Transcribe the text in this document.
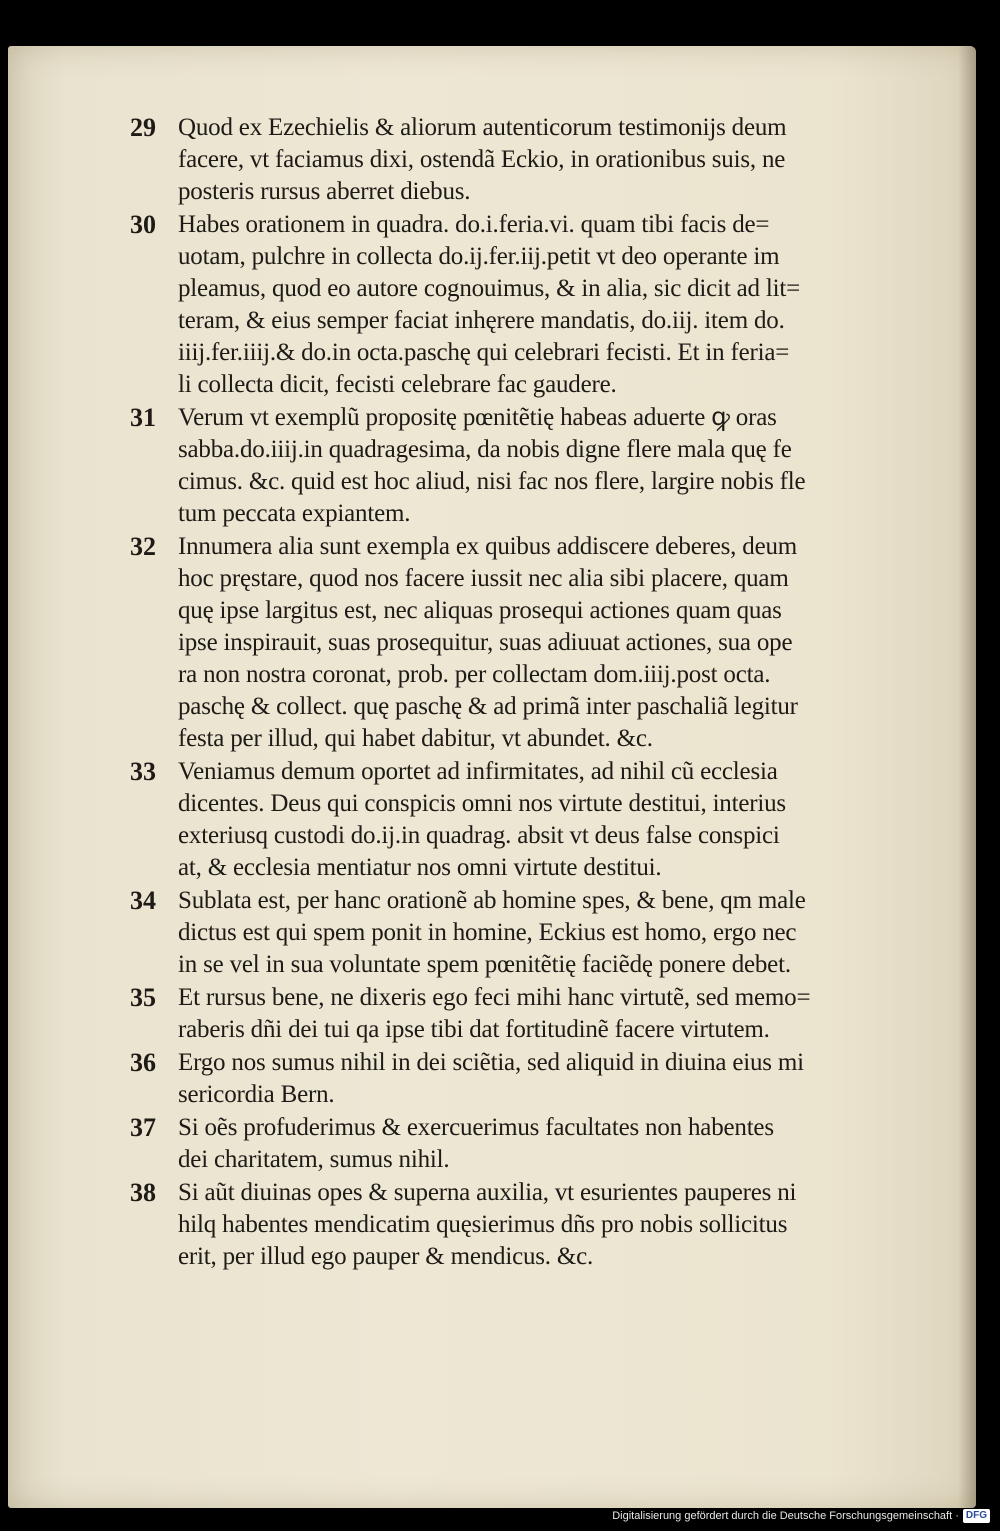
29 Quod ex Ezechielis & aliorum autenticorum testimonijs deum
facere, vt faciamus dixi, ostendã Eckio, in orationibus suis, ne
posteris rursus aberret diebus.
30 Habes orationem in quadra. do.i.feria.vi. quam tibi facis de=
uotam, pulchre in collecta do.ij.fer.iij.petit vt deo operante im
pleamus, quod eo autore cognouimus, & in alia, sic dicit ad lit=
teram, & eius semper faciat inhęrere mandatis, do.iij. item do.
iiij.fer.iiij.& do.in octa.paschę qui celebrari fecisti. Et in feria=
li collecta dicit, fecisti celebrare fac gaudere.
31 Verum vt exemplũ propositę pœnitẽtię habeas aduerte ꝙ oras
sabba.do.iiij.in quadragesima, da nobis digne flere mala quę fe
cimus. &c. quid est hoc aliud, nisi fac nos flere, largire nobis fle
tum peccata expiantem.
32 Innumera alia sunt exempla ex quibus addiscere deberes, deum
hoc pręstare, quod nos facere iussit nec alia sibi placere, quam
quę ipse largitus est, nec aliquas prosequi actiones quam quas
ipse inspirauit, suas prosequitur, suas adiuuat actiones, sua ope
ra non nostra coronat, prob. per collectam dom.iiij.post octa.
paschę & collect. quę paschę & ad primã inter paschaliã legitur
festa per illud, qui habet dabitur, vt abundet. &c.
33 Veniamus demum oportet ad infirmitates, ad nihil cũ ecclesia
dicentes. Deus qui conspicis omni nos virtute destitui, interius
exteriusq custodi do.ij.in quadrag. absit vt deus false conspici
at, & ecclesia mentiatur nos omni virtute destitui.
34 Sublata est, per hanc orationẽ ab homine spes, & bene, qm male
dictus est qui spem ponit in homine, Eckius est homo, ergo nec
in se vel in sua voluntate spem pœnitẽtię faciẽdę ponere debet.
35 Et rursus bene, ne dixeris ego feci mihi hanc virtutẽ, sed memo=
raberis dñi dei tui qa ipse tibi dat fortitudinẽ facere virtutem.
36 Ergo nos sumus nihil in dei sciẽtia, sed aliquid in diuina eius mi
sericordia Bern.
37 Si oẽs profuderimus & exercuerimus facultates non habentes
dei charitatem, sumus nihil.
38 Si aũt diuinas opes & superna auxilia, vt esurientes pauperes ni
hilq habentes mendicatim quęsierimus dñs pro nobis sollicitus
erit, per illud ego pauper & mendicus. &c.
Digitalisierung gefördert durch die Deutsche Forschungsgemeinschaft · DFG
